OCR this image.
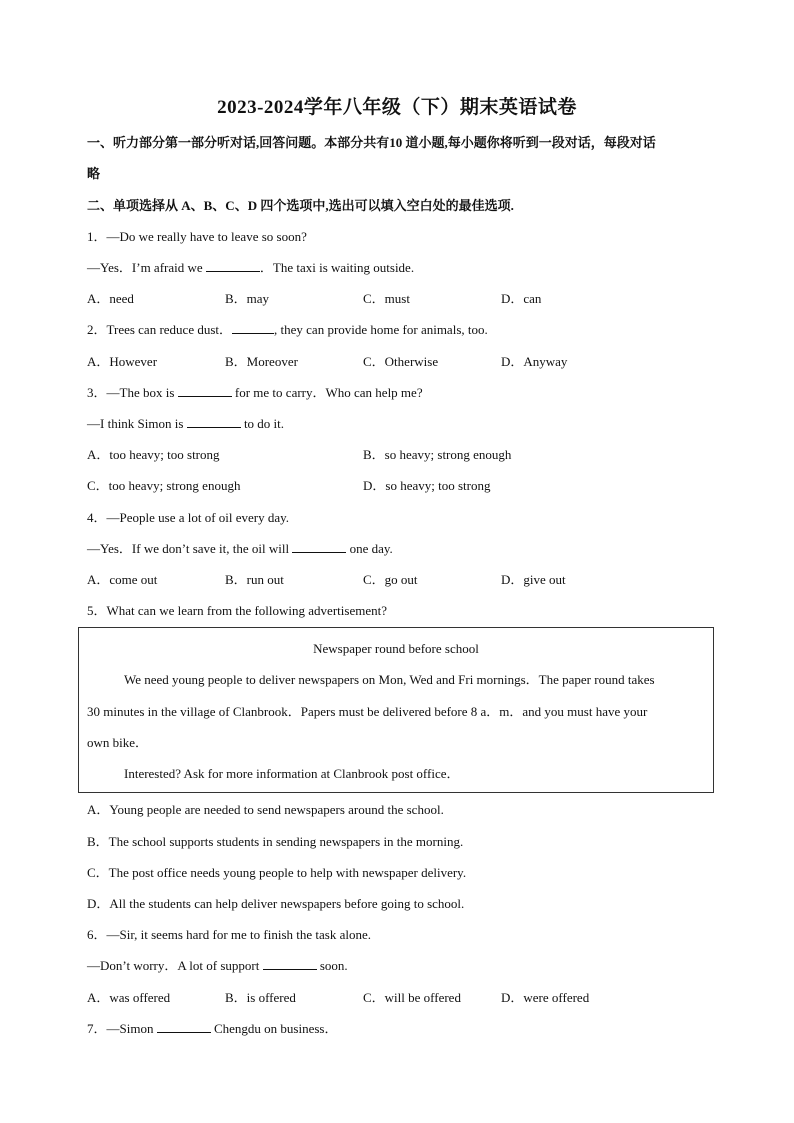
2023-2024学年八年级（下）期末英语试卷
一、听力部分第一部分听对话,回答问题。本部分共有10 道小题,每小题你将听到一段对话，每段对话
略
二、单项选择从 A、B、C、D 四个选项中,选出可以填入空白处的最佳选项.
1．—Do we really have to leave so soon?
—Yes．I’m afraid we	．The taxi is waiting outside.
A．need	B．may	C．must	D．can
2．Trees can reduce dust．	, they can provide home for animals, too.
A．However	B．Moreover	C．Otherwise	D．Anyway
3．—The box is	for me to carry．Who can help me?
—I think Simon is	to do it.
A．too heavy; too strong	B．so heavy; strong enough
C．too heavy; strong enough	D．so heavy; too strong
4．—People use a lot of oil every day.
—Yes．If we don’t save it, the oil will	one day.
A．come out	B．run out	C．go out	D．give out
5．What can we learn from the following advertisement?
Newspaper round before school
We need young people to deliver newspapers on Mon, Wed and Fri mornings．The paper round takes
30 minutes in the village of Clanbrook．Papers must be delivered before 8 a．m．and you must have your
own bike．
Interested? Ask for more information at Clanbrook post office．
A．Young people are needed to send newspapers around the school.
B．The school supports students in sending newspapers in the morning.
C．The post office needs young people to help with newspaper delivery.
D．All the students can help deliver newspapers before going to school.
6．—Sir, it seems hard for me to finish the task alone.
—Don’t worry．A lot of support	soon.
A．was offered	B．is offered	C．will be offered	D．were offered
7．—Simon	Chengdu on business．
